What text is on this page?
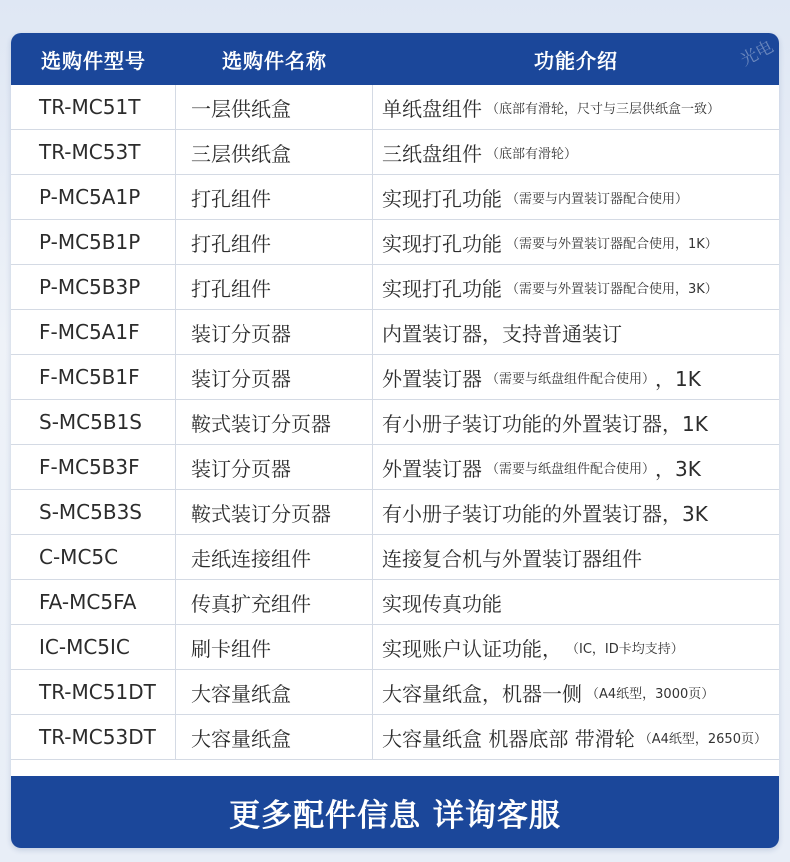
选购件型号	选购件名称	功能介绍	光电
TR-MC51T	一层供纸盒	单纸盘组件 （底部有滑轮，尺寸与三层供纸盒一致）
TR-MC53T	三层供纸盒	三纸盘组件 （底部有滑轮）
P-MC5A1P	打孔组件	实现打孔功能 （需要与内置装订器配合使用）
P-MC5B1P	打孔组件	实现打孔功能 （需要与外置装订器配合使用，1K）
P-MC5B3P	打孔组件	实现打孔功能 （需要与外置装订器配合使用，3K）
F-MC5A1F	装订分页器	内置装订器，支持普通装订
F-MC5B1F	装订分页器	外置装订器 （需要与纸盘组件配合使用） ，1K
S-MC5B1S	鞍式装订分页器	有小册子装订功能的外置装订器，1K
F-MC5B3F	装订分页器	外置装订器 （需要与纸盘组件配合使用） ，3K
S-MC5B3S	鞍式装订分页器	有小册子装订功能的外置装订器，3K
C-MC5C	走纸连接组件	连接复合机与外置装订器组件
FA-MC5FA	传真扩充组件	实现传真功能
IC-MC5IC	刷卡组件	实现账户认证功能， （IC，ID卡均支持）
TR-MC51DT	大容量纸盒	大容量纸盒，机器一侧 （A4纸型，3000页）
TR-MC53DT	大容量纸盒	大容量纸盒 机器底部 带滑轮 （A4纸型，2650页）
更多配件信息 详询客服
